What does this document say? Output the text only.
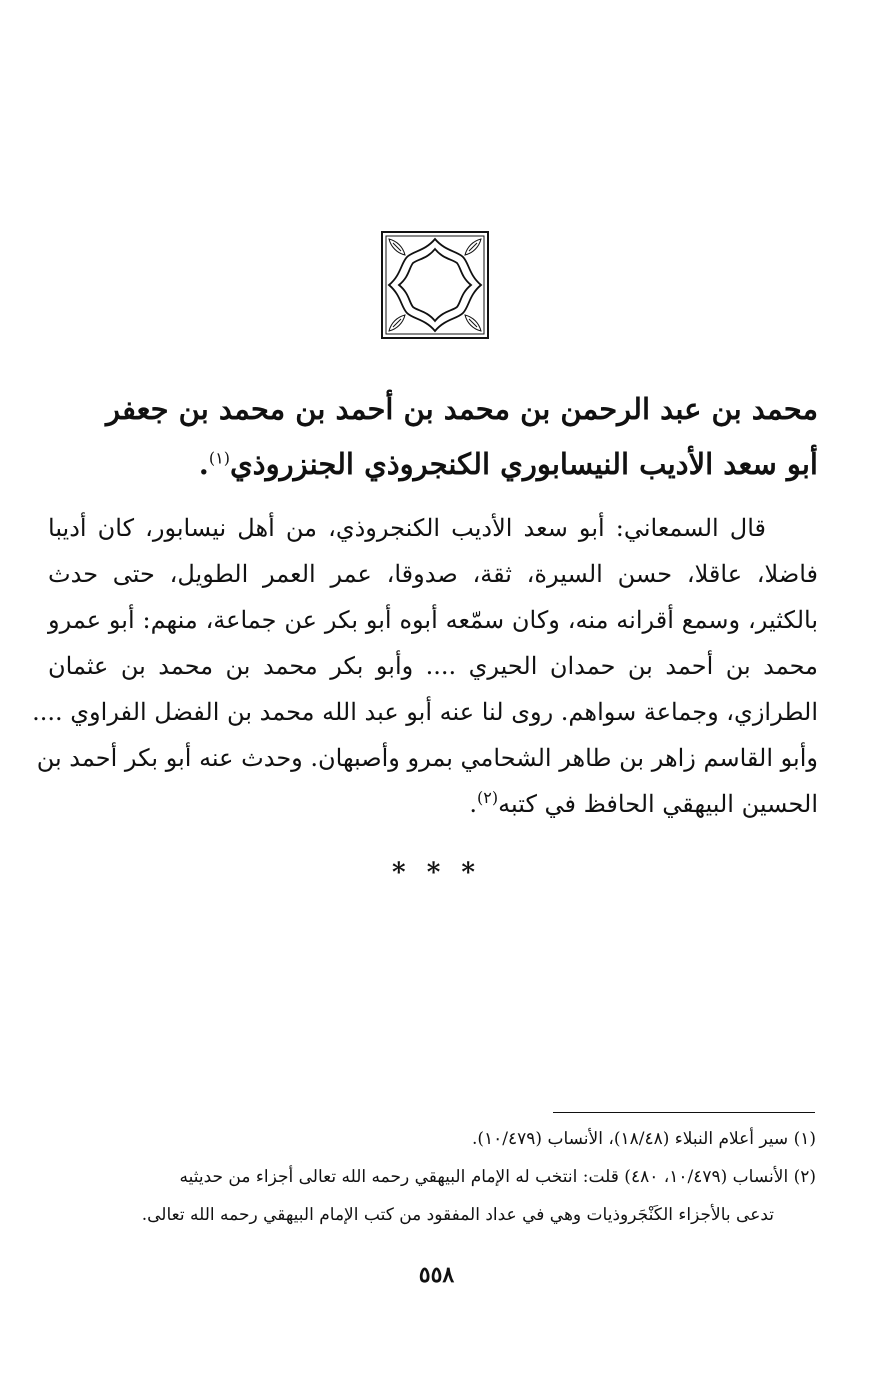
محمد بن عبد الرحمن بن محمد بن أحمد بن محمد بن جعفر
أبو سعد الأديب النيسابوري الكنجروذي الجنزروذي$^{(١)}$.
قال السمعاني: أبو سعد الأديب الكنجروذي، من أهل نيسابور، كان أديبا
فاضلا، عاقلا، حسن السيرة، ثقة، صدوقا، عمر العمر الطويل، حتى حدث
بالكثير، وسمع أقرانه منه، وكان سمّعه أبوه أبو بكر عن جماعة، منهم: أبو عمرو
محمد بن أحمد بن حمدان الحيري .... وأبو بكر محمد بن محمد بن عثمان
الطرازي، وجماعة سواهم. روى لنا عنه أبو عبد الله محمد بن الفضل الفراوي ....
وأبو القاسم زاهر بن طاهر الشحامي بمرو وأصبهان. وحدث عنه أبو بكر أحمد بن
الحسين البيهقي الحافظ في كتبه$^{(٢)}$.
* * *
(١) سير أعلام النبلاء (١٨/٤٨)، الأنساب (١٠/٤٧٩).
(٢) الأنساب (١٠/٤٧٩، ٤٨٠) قلت: انتخب له الإمام البيهقي رحمه الله تعالى أجزاء من حديثيه
تدعى بالأجزاء الكَنْجَروذيات وهي في عداد المفقود من كتب الإمام البيهقي رحمه الله تعالى.
٥٥٨
